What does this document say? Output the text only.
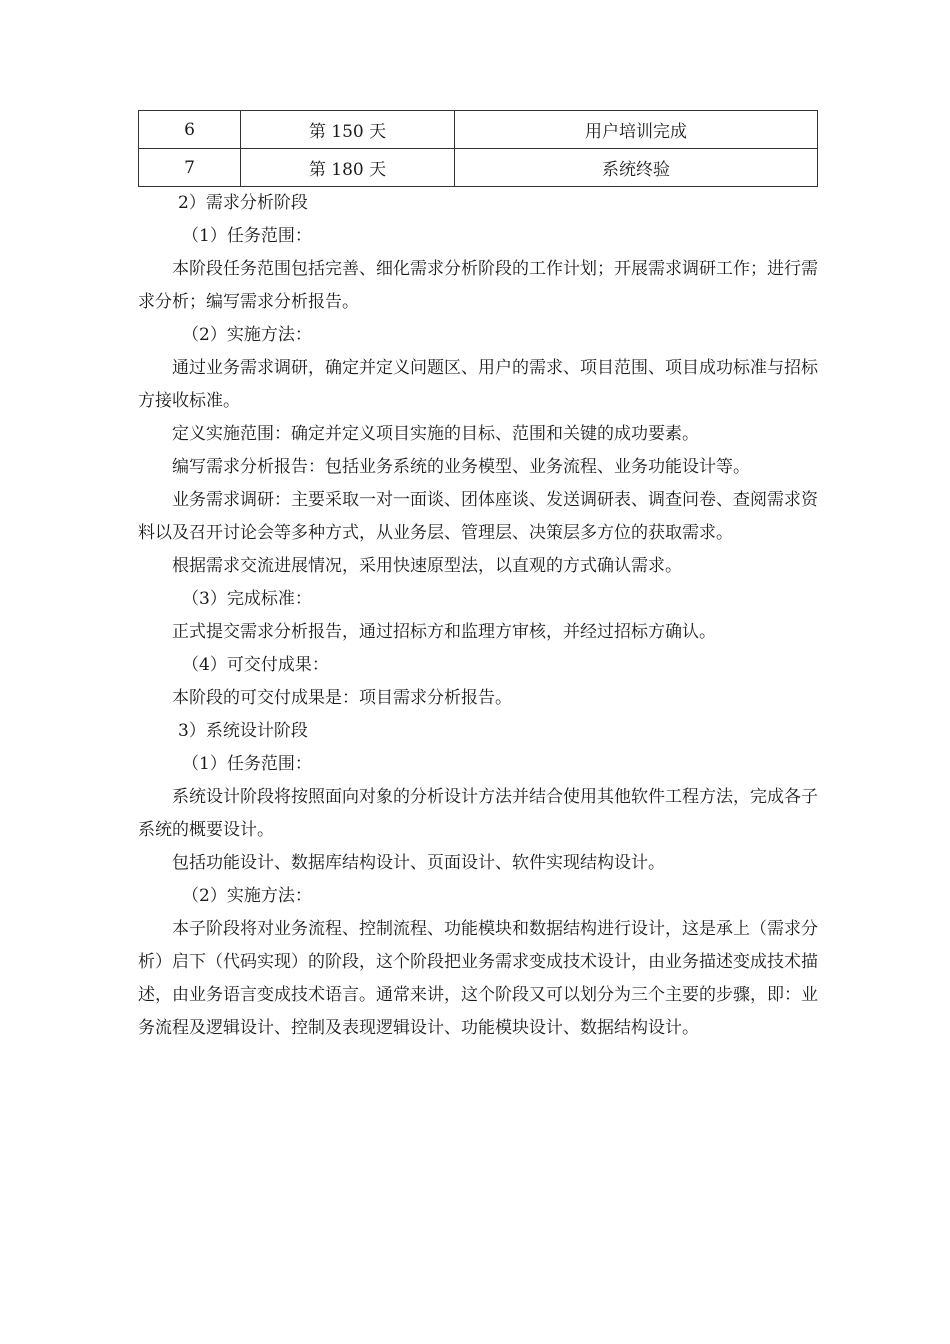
6	第 150 天	用户培训完成
7	第 180 天	系统终验

2）需求分析阶段

（1）任务范围：

本阶段任务范围包括完善、细化需求分析阶段的工作计划；开展需求调研工作；进行需求分析；编写需求分析报告。

（2）实施方法：

通过业务需求调研，确定并定义问题区、用户的需求、项目范围、项目成功标准与招标方接收标准。

定义实施范围：确定并定义项目实施的目标、范围和关键的成功要素。

编写需求分析报告：包括业务系统的业务模型、业务流程、业务功能设计等。

业务需求调研：主要采取一对一面谈、团体座谈、发送调研表、调查问卷、查阅需求资料以及召开讨论会等多种方式，从业务层、管理层、决策层多方位的获取需求。

根据需求交流进展情况，采用快速原型法，以直观的方式确认需求。

（3）完成标准：

正式提交需求分析报告，通过招标方和监理方审核，并经过招标方确认。

（4）可交付成果：

本阶段的可交付成果是：项目需求分析报告。

3）系统设计阶段

（1）任务范围：

系统设计阶段将按照面向对象的分析设计方法并结合使用其他软件工程方法，完成各子系统的概要设计。

包括功能设计、数据库结构设计、页面设计、软件实现结构设计。

（2）实施方法：

本子阶段将对业务流程、控制流程、功能模块和数据结构进行设计，这是承上（需求分析）启下（代码实现）的阶段，这个阶段把业务需求变成技术设计，由业务描述变成技术描述，由业务语言变成技术语言。通常来讲，这个阶段又可以划分为三个主要的步骤，即：业务流程及逻辑设计、控制及表现逻辑设计、功能模块设计、数据结构设计。
